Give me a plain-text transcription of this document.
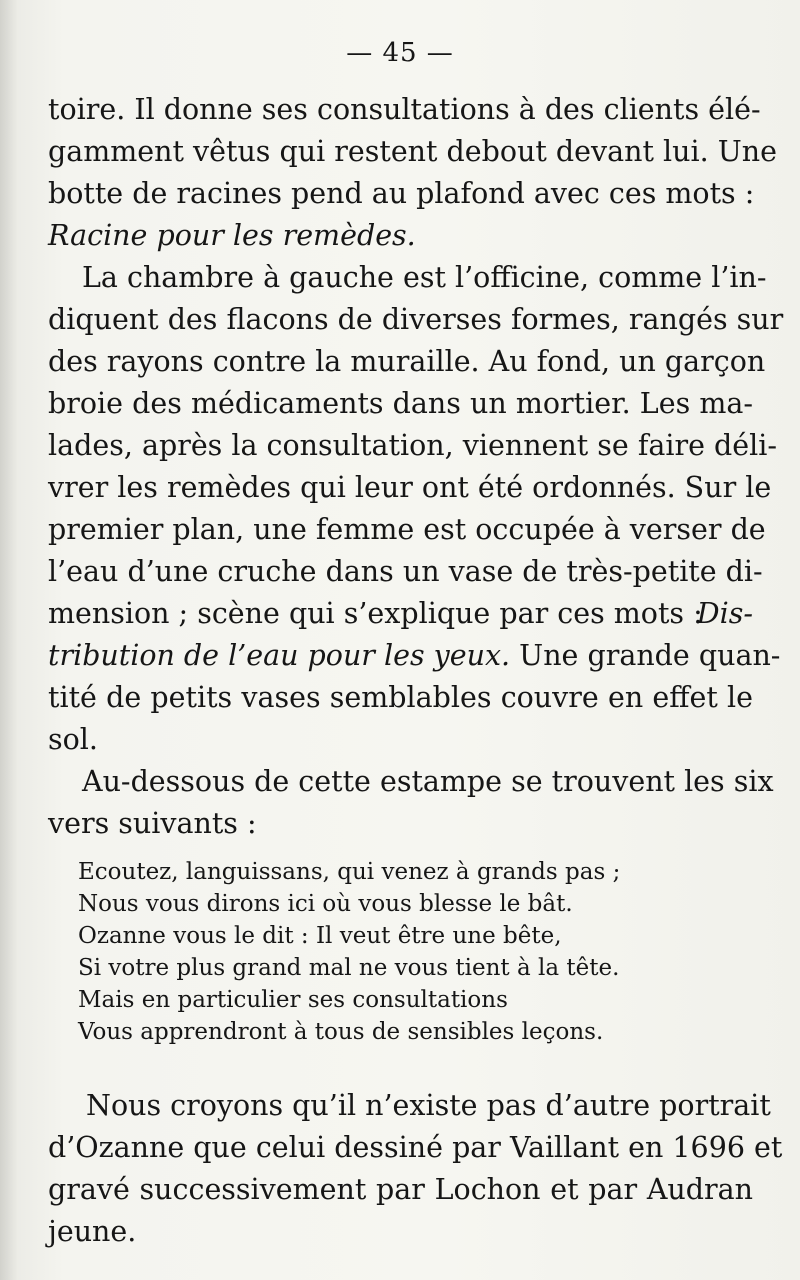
— 45 —
toire. Il donne ses consultations à des clients élé-
gamment vêtus qui restent debout devant lui. Une
botte de racines pend au plafond avec ces mots :
Racine pour les remèdes.
La chambre à gauche est l’officine, comme l’in-
diquent des flacons de diverses formes, rangés sur
des rayons contre la muraille. Au fond, un garçon
broie des médicaments dans un mortier. Les ma-
lades, après la consultation, viennent se faire déli-
vrer les remèdes qui leur ont été ordonnés. Sur le
premier plan, une femme est occupée à verser de
l’eau d’une cruche dans un vase de très-petite di-
mension ; scène qui s’explique par ces mots :
Dis-
tribution de l’eau pour les yeux. Une grande quan-
tité de petits vases semblables couvre en effet le
sol.
Au-dessous de cette estampe se trouvent les six
vers suivants :
Ecoutez, languissans, qui venez à grands pas ;
Nous vous dirons ici où vous blesse le bât.
Ozanne vous le dit : Il veut être une bête,
Si votre plus grand mal ne vous tient à la tête.
Mais en particulier ses consultations
Vous apprendront à tous de sensibles leçons.
Nous croyons qu’il n’existe pas d’autre portrait
d’Ozanne que celui dessiné par Vaillant en 1696 et
gravé successivement par Lochon et par Audran
jeune.
